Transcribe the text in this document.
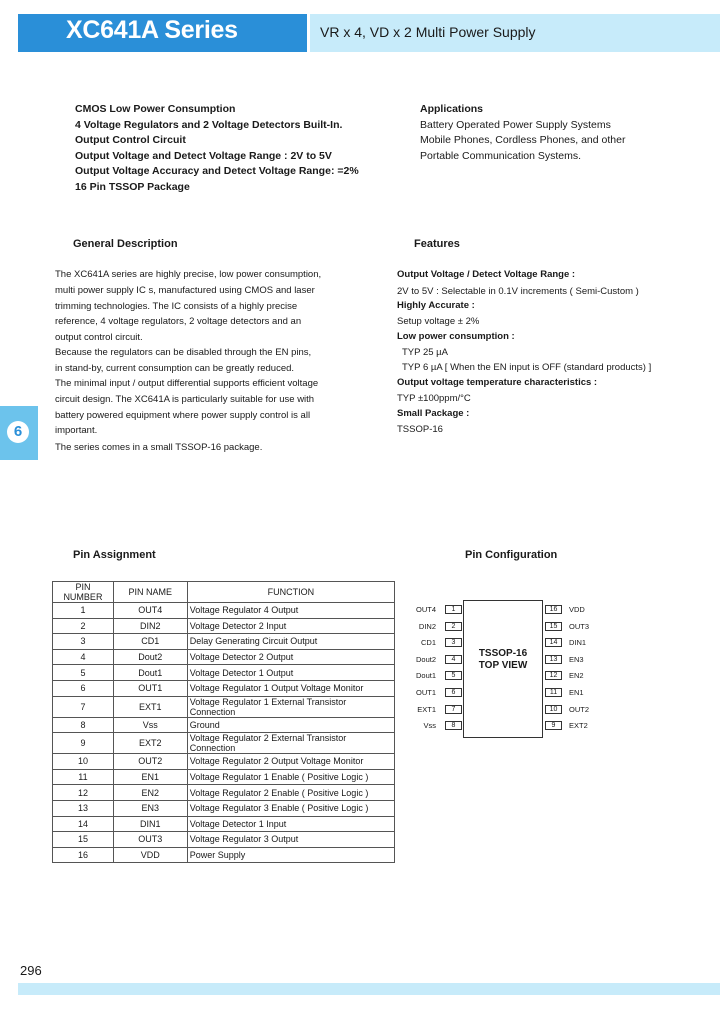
XC641A Series	VR x 4, VD x 2 Multi Power Supply
6
CMOS Low Power Consumption
4 Voltage Regulators and 2 Voltage Detectors Built-In.
Output Control Circuit
Output Voltage and Detect Voltage Range : 2V to 5V
Output Voltage Accuracy and Detect Voltage Range: =2%
16 Pin TSSOP Package
Applications
Battery Operated Power Supply Systems
Mobile Phones, Cordless Phones, and other
Portable Communication Systems.
General Description
The XC641A series are highly precise, low power consumption,
multi power supply IC s, manufactured using CMOS and laser
trimming technologies. The IC consists of a highly precise
reference, 4 voltage regulators, 2 voltage detectors and an
output control circuit.
Because the regulators can be disabled through the EN pins,
in stand-by, current consumption can be greatly reduced.
The minimal input / output differential supports efficient voltage
circuit design. The XC641A is particularly suitable for use with
battery powered equipment where power supply control is all
important.
The series comes in a small TSSOP-16 package.
Features
Output Voltage / Detect Voltage Range :
2V to 5V : Selectable in 0.1V increments ( Semi-Custom )
Highly Accurate :
Setup voltage ± 2%
Low power consumption :
TYP 25 µA
TYP 6 µA [ When the EN input is OFF (standard products) ]
Output voltage temperature characteristics :
TYP ±100ppm/°C
Small Package :
TSSOP-16
Pin Assignment
PIN NUMBER	PIN NAME	FUNCTION
1	OUT4	Voltage Regulator 4 Output
2	DIN2	Voltage Detector 2 Input
3	CD1	Delay Generating Circuit Output
4	Dout2	Voltage Detector 2 Output
5	Dout1	Voltage Detector 1 Output
6	OUT1	Voltage Regulator 1 Output Voltage Monitor
7	EXT1	Voltage Regulator 1 External Transistor Connection
8	Vss	Ground
9	EXT2	Voltage Regulator 2 External Transistor Connection
10	OUT2	Voltage Regulator 2 Output Voltage Monitor
11	EN1	Voltage Regulator 1 Enable ( Positive Logic )
12	EN2	Voltage Regulator 2 Enable ( Positive Logic )
13	EN3	Voltage Regulator 3 Enable ( Positive Logic )
14	DIN1	Voltage Detector 1 Input
15	OUT3	Voltage Regulator 3 Output
16	VDD	Power Supply
Pin Configuration
TSSOP-16
TOP VIEW
1
OUT4
2
DIN2
3
CD1
4
Dout2
5
Dout1
6
OUT1
7
EXT1
8
Vss
16	VDD
15	OUT3
14	DIN1
13	EN3
12	EN2
11	EN1
10	OUT2
9	EXT2
296
